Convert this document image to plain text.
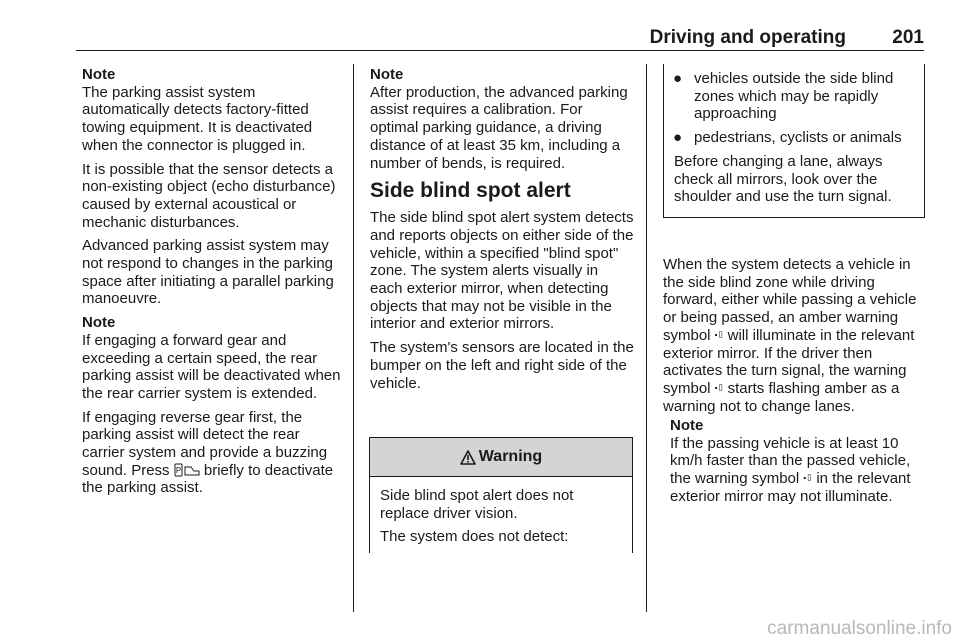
Driving and operating 201

Note
The parking assist system automatically detects factory-fitted towing equipment. It is deactivated when the connector is plugged in.

It is possible that the sensor detects a non-existing object (echo disturbance) caused by external acoustical or mechanic disturbances.

Advanced parking assist system may not respond to changes in the parking space after initiating a parallel parking manoeuvre.

Note
If engaging a forward gear and exceeding a certain speed, the rear parking assist will be deactivated when the rear carrier system is extended.

If engaging reverse gear first, the parking assist will detect the rear carrier system and provide a buzzing sound. Press P briefly to deactivate the parking assist.

Note
After production, the advanced parking assist requires a calibration. For optimal parking guidance, a driving distance of at least 35 km, including a number of bends, is required.

Side blind spot alert

The side blind spot alert system detects and reports objects on either side of the vehicle, within a specified "blind spot" zone. The system alerts visually in each exterior mirror, when detecting objects that may not be visible in the interior and exterior mirrors.

The system's sensors are located in the bumper on the left and right side of the vehicle.

Warning

Side blind spot alert does not replace driver vision.

The system does not detect:

● vehicles outside the side blind zones which may be rapidly approaching
● pedestrians, cyclists or animals

Before changing a lane, always check all mirrors, look over the shoulder and use the turn signal.

When the system detects a vehicle in the side blind zone while driving forward, either while passing a vehicle or being passed, an amber warning symbol ⬝▯ will illuminate in the relevant exterior mirror. If the driver then activates the turn signal, the warning symbol ⬝▯ starts flashing amber as a warning not to change lanes.

Note
If the passing vehicle is at least 10 km/h faster than the passed vehicle, the warning symbol ⬝▯ in the relevant exterior mirror may not illuminate.

carmanualsonline.info
